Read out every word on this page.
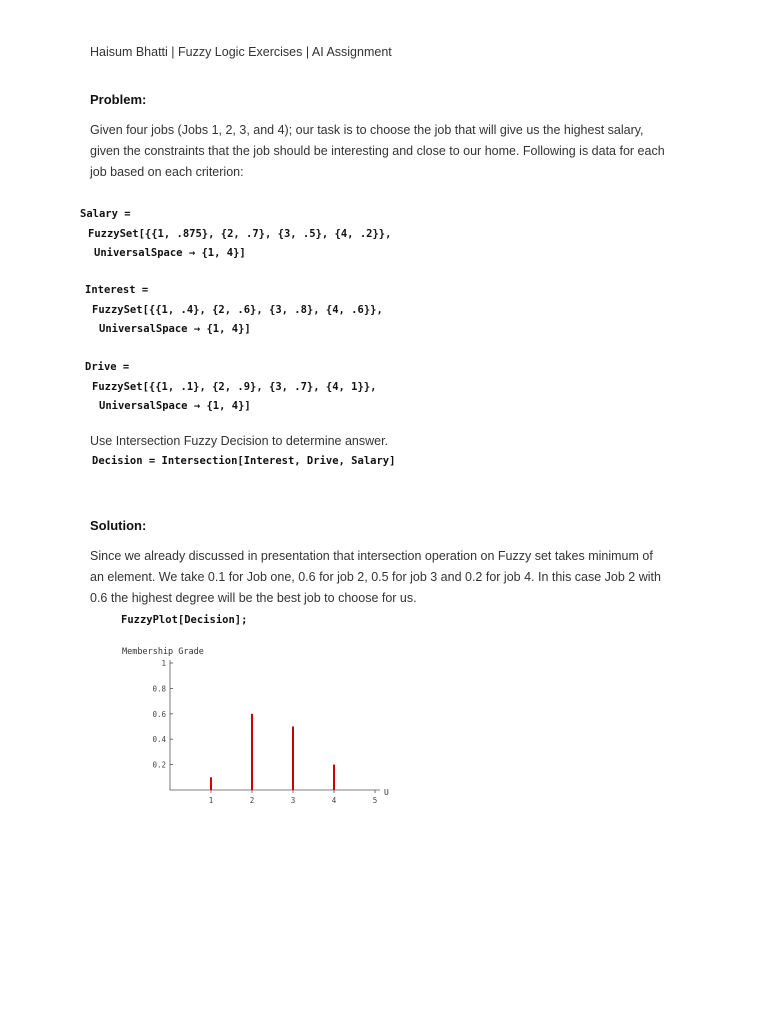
Haisum Bhatti | Fuzzy Logic Exercises | AI Assignment
Problem:
Given four jobs (Jobs 1, 2, 3, and 4); our task is to choose the job that will give us the highest salary,
given the constraints that the job should be interesting and close to our home. Following is data for each
job based on each criterion:

Salary =

FuzzySet[{{1, .875}, {2, .7}, {3, .5}, {4, .2}},

UniversalSpace → {1, 4}]

Interest =

FuzzySet[{{1, .4}, {2, .6}, {3, .8}, {4, .6}},

UniversalSpace → {1, 4}]

Drive =

FuzzySet[{{1, .1}, {2, .9}, {3, .7}, {4, 1}},

UniversalSpace → {1, 4}]

Use Intersection Fuzzy Decision to determine answer.
Decision = Intersection[Interest, Drive, Salary]
Solution:
Since we already discussed in presentation that intersection operation on Fuzzy set takes minimum of
an element. We take 0.1 for Job one, 0.6 for job 2, 0.5 for job 3 and 0.2 for job 4. In this case Job 2 with
0.6 the highest degree will be the best job to choose for us.
FuzzyPlot[Decision];
Membership Grade
U
0.2
0.4
0.6
0.8
1
1	2	3	4	5
